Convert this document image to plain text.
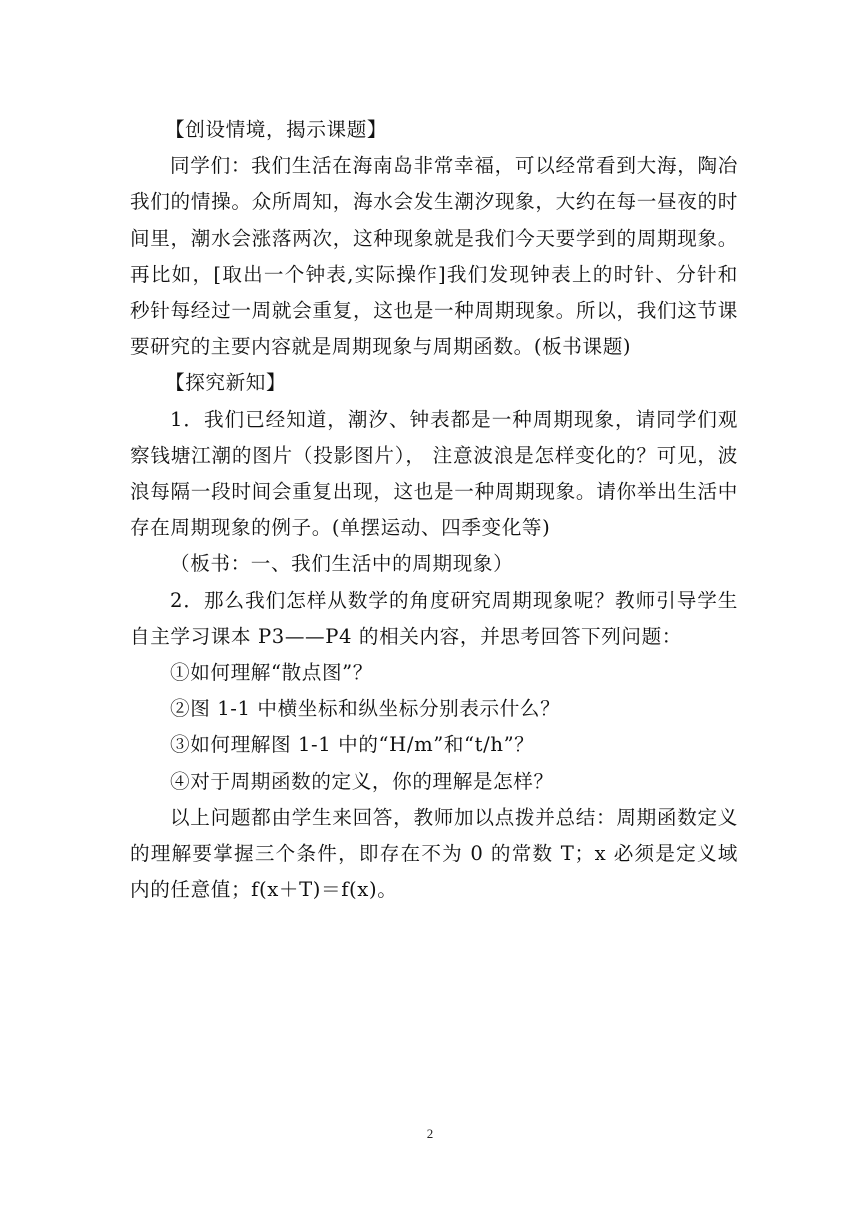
【创设情境，揭示课题】

同学们：我们生活在海南岛非常幸福，可以经常看到大海，陶冶我们的情操。众所周知，海水会发生潮汐现象，大约在每一昼夜的时间里，潮水会涨落两次，这种现象就是我们今天要学到的周期现象。再比如，[取出一个钟表,实际操作]我们发现钟表上的时针、分针和秒针每经过一周就会重复，这也是一种周期现象。所以，我们这节课要研究的主要内容就是周期现象与周期函数。(板书课题)

【探究新知】

1．我们已经知道，潮汐、钟表都是一种周期现象，请同学们观察钱塘江潮的图片（投影图片）， 注意波浪是怎样变化的？可见，波浪每隔一段时间会重复出现，这也是一种周期现象。请你举出生活中存在周期现象的例子。(单摆运动、四季变化等)

（板书：一、我们生活中的周期现象）

2．那么我们怎样从数学的角度研究周期现象呢？教师引导学生自主学习课本 P3——P4 的相关内容，并思考回答下列问题：

①如何理解“散点图”？

②图 1-1 中横坐标和纵坐标分别表示什么？

③如何理解图 1-1 中的“H/m”和“t/h”？

④对于周期函数的定义，你的理解是怎样？

以上问题都由学生来回答，教师加以点拨并总结：周期函数定义的理解要掌握三个条件，即存在不为 0 的常数 T；x 必须是定义域内的任意值；f(x＋T)＝f(x)。

2
